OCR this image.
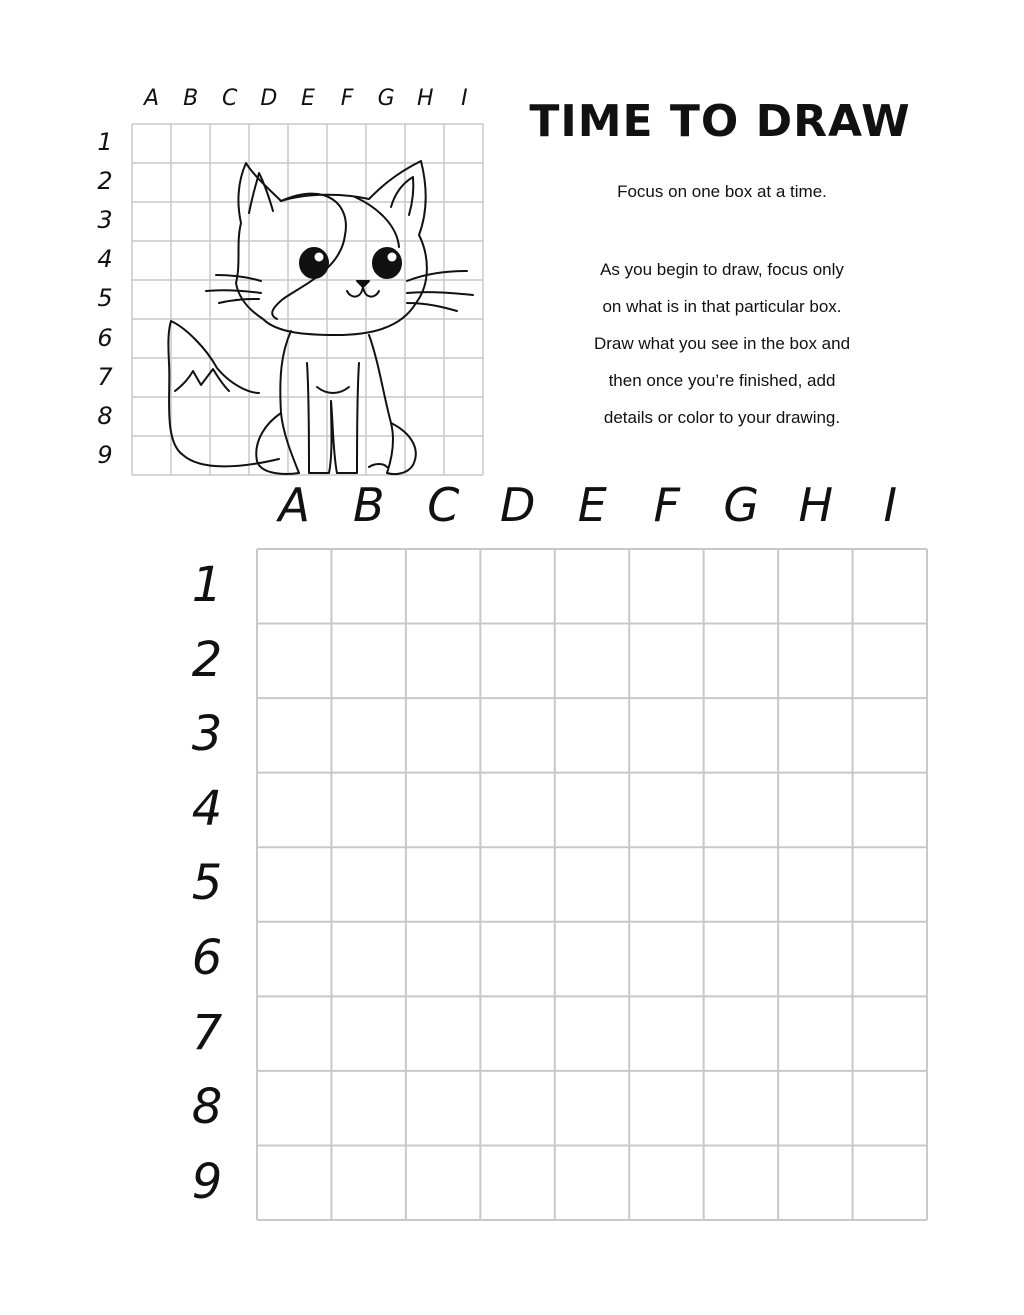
A	B	C	D	E	F	G	H	I
1
2
3
4
5
6
7
8
9
TIME TO DRAW

Focus on one box at a time.

As you begin to draw, focus only
on what is in that particular box.
Draw what you see in the box and
then once you’re finished, add
details or color to your drawing.
A B C D E	F G H	I
1
2
3
4
5
6
7
8
9
